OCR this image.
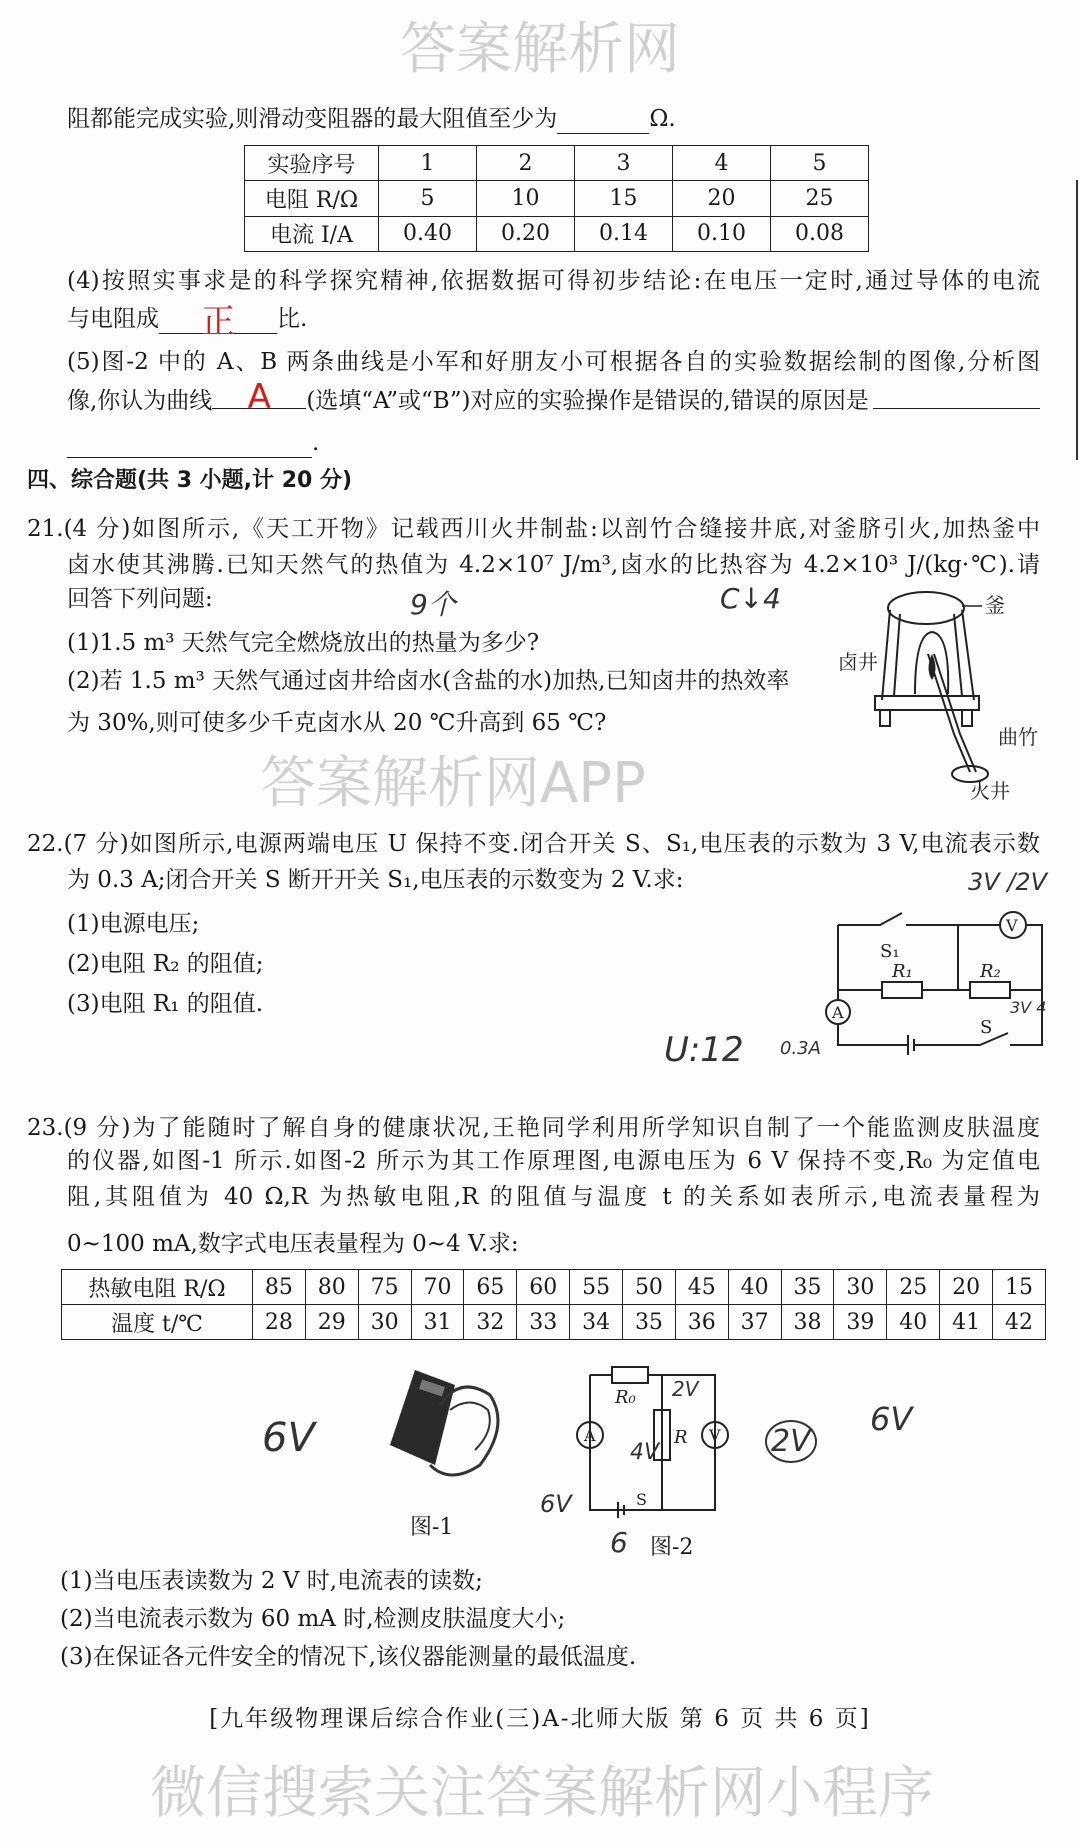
答案解析网
答案解析网APP
微信搜索关注答案解析网小程序
阻都能完成实验,则滑动变阻器的最大阻值至少为	Ω.
实验序号	1	2	3	4	5
电阻 R/Ω	5	10	15	20	25
电流 I/A	0.40	0.20	0.14	0.10	0.08
(4)按照实事求是的科学探究精神,依据数据可得初步结论:在电压一定时,通过导体的电流
与电阻成 正 比.
(5)图-2 中的 A、B 两条曲线是小军和好朋友小可根据各自的实验数据绘制的图像,分析图
像,你认为曲线 A (选填“A”或“B”)对应的实验操作是错误的,错误的原因是
.
四、综合题(共 3 小题,计 20 分)
21.(4 分)如图所示,《天工开物》记载西川火井制盐:以剖竹合缝接井底,对釜脐引火,加热釜中
卤水使其沸腾.已知天然气的热值为 4.2×10⁷ J/m³,卤水的比热容为 4.2×10³ J/(kg·℃).请
回答下列问题:
(1)1.5 m³ 天然气完全燃烧放出的热量为多少?
(2)若 1.5 m³ 天然气通过卤井给卤水(含盐的水)加热,已知卤井的热效率
为 30%,则可使多少千克卤水从 20 ℃升高到 65 ℃?
9个	C↓4	釜
卤井
曲竹
火井
22.(7 分)如图所示,电源两端电压 U 保持不变.闭合开关 S、S₁,电压表的示数为 3 V,电流表示数
为 0.3 A;闭合开关 S 断开开关 S₁,电压表的示数变为 2 V.求:
(1)电源电压;
(2)电阻 R₂ 的阻值;
(3)电阻 R₁ 的阻值.
3V /2V
U:12 0.3A
3V 4
V
A
S₁
R₁	R₂
S
23.(9 分)为了能随时了解自身的健康状况,王艳同学利用所学知识自制了一个能监测皮肤温度
的仪器,如图-1 所示.如图-2 所示为其工作原理图,电源电压为 6 V 保持不变,R₀ 为定值电
阻,其阻值为 40 Ω,R 为热敏电阻,R 的阻值与温度 t 的关系如表所示,电流表量程为
0~100 mA,数字式电压表量程为 0~4 V.求:
热敏电阻 R/Ω	85	80	75	70	65	60	55	50	45	40	35	30	25	20	15
温度 t/℃	28	29	30	31	32	33	34	35	36	37	38	39	40	41	42
图-1
A	V
R₀
R
S
图-2
6V
6V
2V
4V	2V
6V
6
(1)当电压表读数为 2 V 时,电流表的读数;
(2)当电流表示数为 60 mA 时,检测皮肤温度大小;
(3)在保证各元件安全的情况下,该仪器能测量的最低温度.
[九年级物理课后综合作业(三)A-北师大版 第 6 页 共 6 页]
